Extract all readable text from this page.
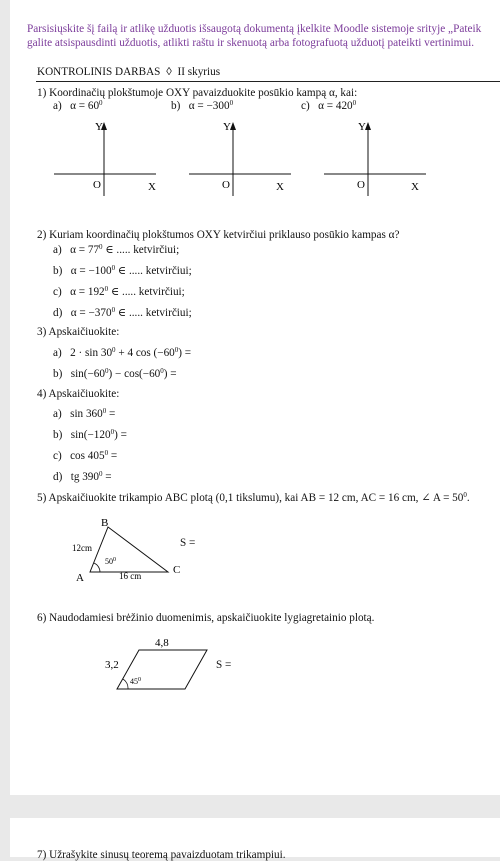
Parsisiųskite šį failą ir atlikę užduotis išsaugotą dokumentą įkelkite Moodle sistemoje srityje „Pateik
galite atsispausdinti užduotis, atlikti raštu ir skenuotą arba fotografuotą užduotį pateikti vertinimui.
KONTROLINIS DARBAS ◊ II skyrius
1) Koordinačių plokštumoje OXY pavaizduokite posūkio kampą α, kai:
a) $\alpha = 60^0$	b) $\alpha = -300^0$	c) $\alpha = 420^0$
Y
O	X
Y
O	X
Y
O	X
2) Kuriam koordinačių plokštumos OXY ketvirčiui priklauso posūkio kampas α?
a) $\alpha = 77^0$ ∈ ..... ketvirčiui;
b) $\alpha = -100^0$ ∈ ..... ketvirčiui;
c) $\alpha = 192^0$ ∈ ..... ketvirčiui;
d) $\alpha = -370^0$ ∈ ..... ketvirčiui;
3) Apskaičiuokite:
a) $2 \cdot \sin 30^0 + 4$ $\cos (-60^0)$ =
b) $\sin(-60^0) - \cos(-60^0)$ =
4) Apskaičiuokite:
a) $\sin 360^0$ =
b) $\sin(-120^0)$ =
c) $\cos 405^0$ =
d) tg $390^0$ =
5) Apskaičiuokite trikampio ABC plotą (0,1 tikslumu), kai AB = 12 cm, AC = 16 cm, ∠ $A = 50^0$.
B
A
C
12cm
16 cm
$50^0$
S =
6) Naudodamiesi brėžinio duomenimis, apskaičiuokite lygiagretainio plotą.
4,8
3,2
$45^0$
S =
7) Užrašykite sinusų teoremą pavaizduotam trikampiui.
